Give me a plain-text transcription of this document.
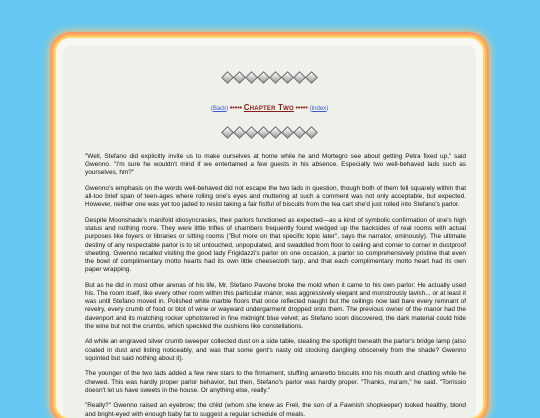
(Back) ••••• Chapter Two ••••• (Index)

"Well, Stefano did explicitly invite us to make ourselves at home while he and Mortegro see about getting Petra fixed up," said Gwenno. "I'm sure he wouldn't mind if we entertained a few guests in his absence. Especially two well-behaved lads such as yourselves, hm?"

Gwenno's emphasis on the words well-behaved did not escape the two lads in question, though both of them fell squarely within that all-too brief span of teen-ages where rolling one's eyes and muttering at such a comment was not only acceptable, but expected. However, neither one was yet too jaded to resist taking a fair fistful of biscuits from the tea cart she'd just rolled into Stefano's parlor.

Despite Moonshade's manifold idiosyncrasies, their parlors functioned as expected—as a kind of symbolic confirmation of one's high status and nothing more. They were little trifles of chambers frequently found wedged up the backsides of real rooms with actual purposes like foyers or libraries or sitting rooms ("But more on that specific topic later", says the narrator, ominously). The ultimate destiny of any respectable parlor is to sit untouched, unpopulated, and swaddled from floor to ceiling and corner to corner in dustproof sheeting. Gwenno recalled visiting the good lady Frigidazzi's parlor on one occasion, a parlor so comprehensively pristine that even the bowl of complimentary motto hearts had its own little cheesecloth tarp, and that each complimentary motto heart had its own paper wrapping.

But as he did in most other arenas of his life, Mr. Stefano Pavone broke the mold when it came to his own parlor: He actually used his. The room itself, like every other room within this particular manor, was aggressively elegant and monstrously lavish... or at least it was until Stefano moved in. Polished white marble floors that once reflected naught but the ceilings now laid bare every remnant of revelry, every crumb of food or blot of wine or wayward undergarment dropped onto them. The previous owner of the manor had the davenport and its matching rocker upholstered in fine midnight blue velvet; as Stefano soon discovered, the dark material could hide the wine but not the crumbs, which speckled the cushions like constellations.

All while an engraved silver crumb sweeper collected dust on a side table, stealing the spotlight beneath the parlor's bridge lamp (also coated in dust and listing noticeably, and was that some gent's nasty old stocking dangling obscenely from the shade? Gwenno squinted but said nothing about it).

The younger of the two lads added a few new stars to the firmament, stuffing amaretto biscuits into his mouth and chatting while he chewed. This was hardly proper parlor behavior, but then, Stefano's parlor was hardly proper. "Thanks, ma'am," he said. "Torrissio doesn't let us have sweets in the house. Or anything else, really."

"Really?" Gwenno raised an eyebrow; the child (whom she knew as Freli, the son of a Fawnish shopkeeper) looked healthy, blond and bright-eyed with enough baby fat to suggest a regular schedule of meals.
